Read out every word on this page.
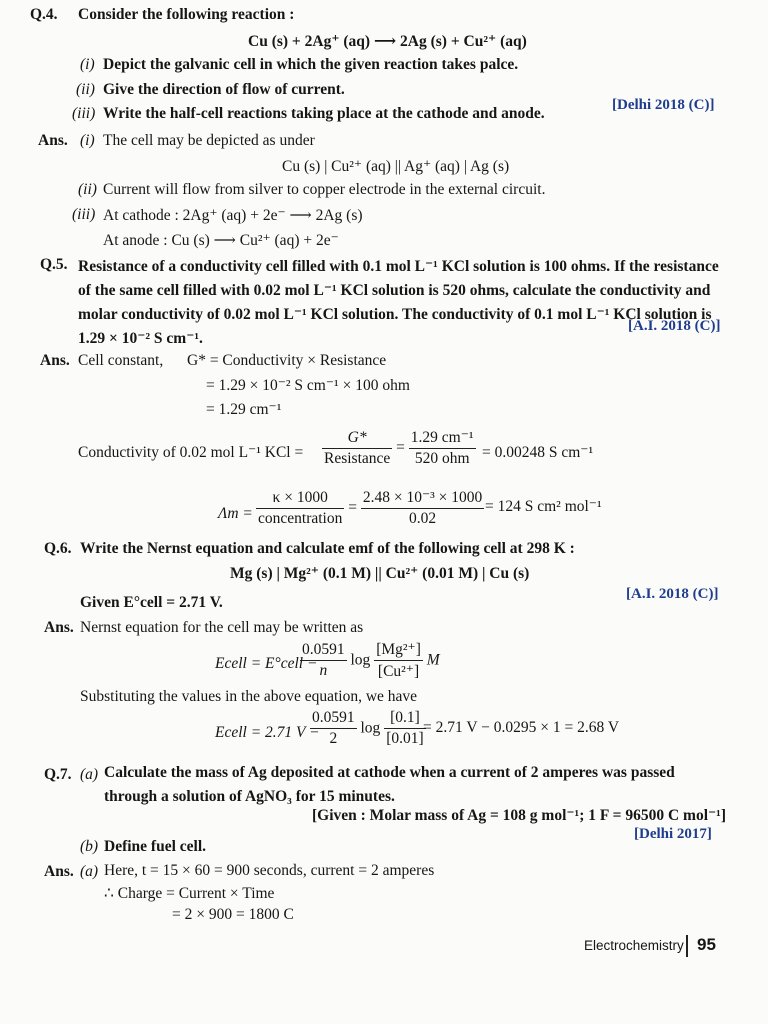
Q.4. Consider the following reaction :
Cu (s) + 2Ag⁺ (aq) ⟶ 2Ag (s) + Cu²⁺ (aq)
(i) Depict the galvanic cell in which the given reaction takes palce.
(ii) Give the direction of flow of current.
(iii) Write the half-cell reactions taking place at the cathode and anode.	[Delhi 2018 (C)]
Ans. (i) The cell may be depicted as under
Cu (s) | Cu²⁺ (aq) || Ag⁺ (aq) | Ag (s)
(ii) Current will flow from silver to copper electrode in the external circuit.
(iii) At cathode : 2Ag⁺ (aq) + 2e⁻ ⟶ 2Ag (s)
At anode : Cu (s) ⟶ Cu²⁺ (aq) + 2e⁻
Q.5. Resistance of a conductivity cell filled with 0.1 mol L⁻¹ KCl solution is 100 ohms. If the resistance
of the same cell filled with 0.02 mol L⁻¹ KCl solution is 520 ohms, calculate the conductivity and
molar conductivity of 0.02 mol L⁻¹ KCl solution. The conductivity of 0.1 mol L⁻¹ KCl solution is
1.29 × 10⁻² S cm⁻¹.
[A.I. 2018 (C)]
Ans. Cell constant, G* = Conductivity × Resistance
= 1.29 × 10⁻² S cm⁻¹ × 100 ohm
= 1.29 cm⁻¹
Conductivity of 0.02 mol L⁻¹ KCl = $\frac{G*}{\text{Resistance}} = \frac{\text{1.29 cm⁻¹}}{\text{520 ohm}} = 0.00248$ S cm⁻¹
$\Lambda m = \frac{\kappa \times 1000}{\text{concentration}} = \frac{\text{2.48 × 10⁻³ × 1000}}{0.02} = 124$ S cm² mol⁻¹
Q.6. Write the Nernst equation and calculate emf of the following cell at 298 K :
Mg (s) | Mg²⁺ (0.1 M) || Cu²⁺ (0.01 M) | Cu (s)
Given E°cell = 2.71 V.	[A.I. 2018 (C)]
Ans. Nernst equation for the cell may be written as
Ecell = E°cell −
$\frac{0.0591}{n}$ $\log \frac{\text{[Mg²⁺]}}{\text{[Cu²⁺]}}$ M
Substituting the values in the above equation, we have
Ecell = 2.71 V −
$\frac{0.0591}{2}$ $\log \frac{[0.1]}{[0.01]}$
= 2.71 V − 0.0295 × 1 = 2.68 V
Q.7. (a) Calculate the mass of Ag deposited at cathode when a current of 2 amperes was passed
through a solution of AgNO₃ for 15 minutes.
[Given : Molar mass of Ag = 108 g mol⁻¹; 1 F = 96500 C mol⁻¹]
(b) Define fuel cell.
[Delhi 2017]
Ans. (a) Here, t = 15 × 60 = 900 seconds, current = 2 amperes
∴ Charge = Current × Time
= 2 × 900 = 1800 C
Electrochemistry 95
